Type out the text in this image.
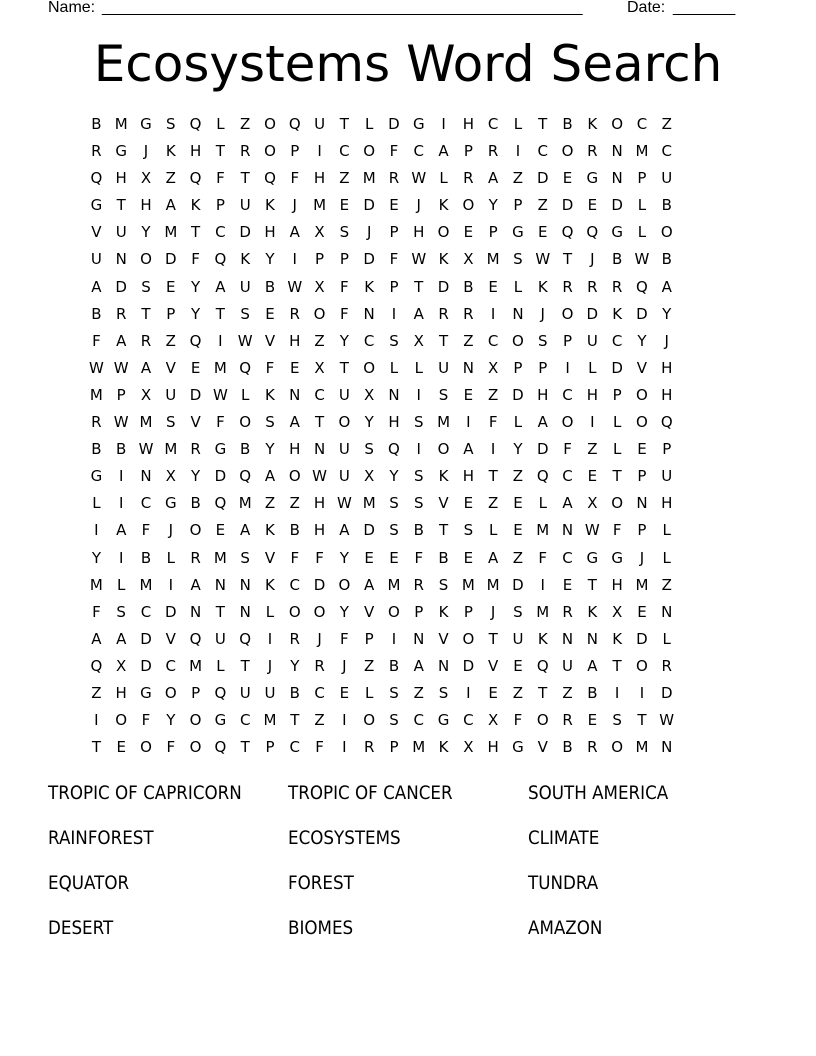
Name: ______________________________________________________	Date: _______
Ecosystems Word Search
B M G S Q L	Z O Q U T	L D G	I	H C	L	T	B K O C Z
R G	J	K H T R O P	I	C O F	C A	P	R	I	C O R N M C
Q H X Z Q F	T Q F H Z M R W L	R A Z D E G N P U
G T H A K	P U K	J	M E D E	J	K O Y	P	Z D E D L	B
V U Y M T C D H A X S	J	P H O E	P G E Q Q G L O
U N O D F Q K	Y	I	P	P D F W K X M S W T	J	B W B
A D S	E	Y	A U B W X	F	K	P	T D B E	L	K R R R Q A
B R	T	P	Y	T	S	E R O F N	I	A R R	I	N	J	O D K D Y
F	A R Z Q	I	W V H Z	Y C S X	T	Z C O S	P U C Y	J
W W A V E M Q F	E X	T O L	L	U N X	P	P	I	L D V H
M P	X U D W L	K N C U X N	I	S	E Z D H C H P O H
R W M S V	F O S A	T O Y H S M	I	F	L	A O	I	L O Q
B B W M R G B	Y H N U S Q	I	O A	I	Y D F	Z	L	E	P
G	I	N X	Y D Q A O W U X	Y	S	K H T	Z Q C E	T	P U
L	I	C G B Q M Z Z H W M S	S V E Z E	L	A X O N H
I	A	F	J	O E A K B H A D S B	T	S	L	E M N W F	P	L
Y	I	B	L	R M S V	F	F	Y	E	E	F	B E A Z	F	C G G	J	L
M L M	I	A N N K C D O A M R S M M D	I	E	T H M Z
F	S C D N T N	L O O Y	V O P	K	P	J	S M R K X E N
A A D V Q U Q	I	R	J	F	P	I	N V O T U K N N K D L
Q X D C M L	T	J	Y R	J	Z B A N D V E Q U A	T O R
Z H G O P Q U U B C E	L	S Z S	I	E Z	T	Z B	I	I	D
I	O F	Y O G C M T	Z	I	O S C G C X	F O R E	S	T W
T	E O F O Q T	P	C	F	I	R	P M K X H G V B R O M N
TROPIC OF CAPRICORN	TROPIC OF CANCER	SOUTH AMERICA
RAINFOREST	ECOSYSTEMS	CLIMATE
EQUATOR	FOREST	TUNDRA
DESERT	BIOMES	AMAZON
